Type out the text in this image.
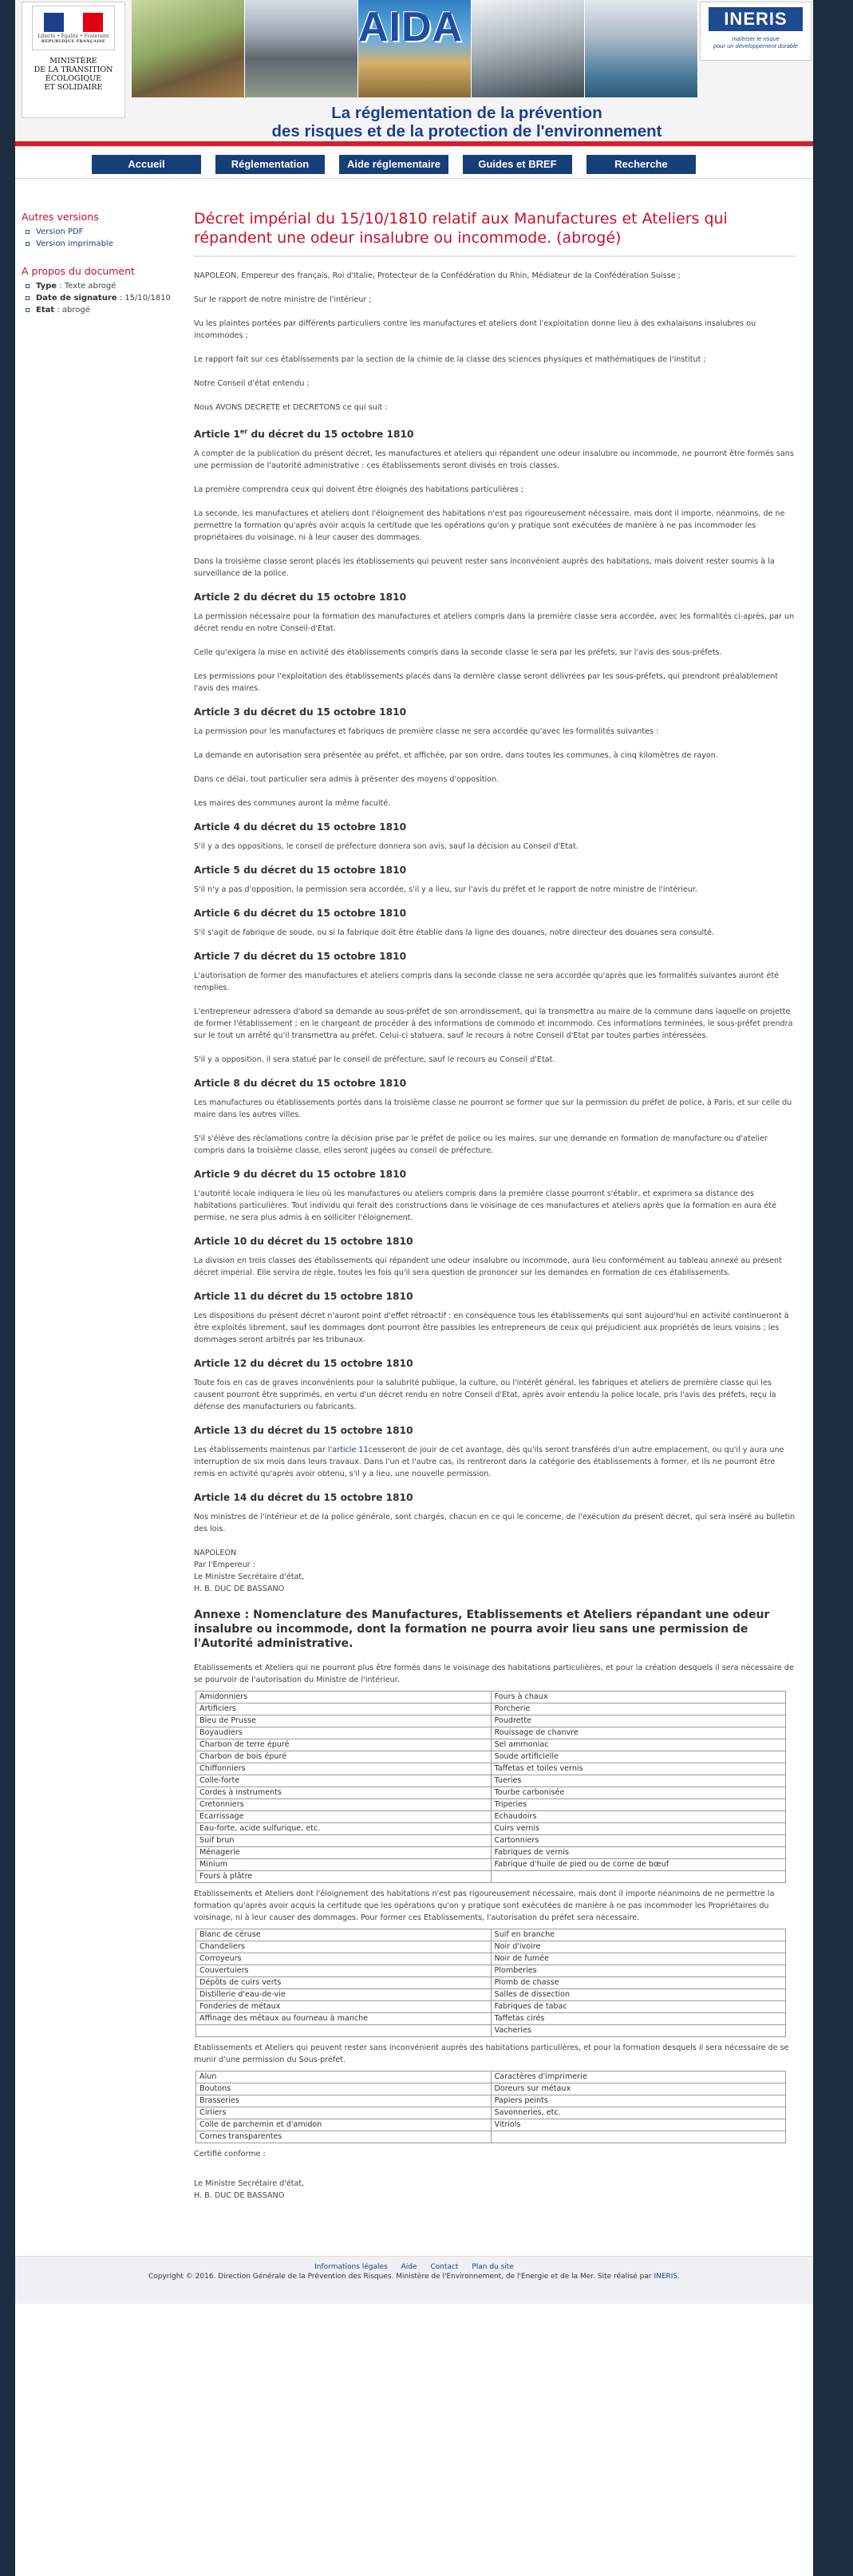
Liberté • Égalité • Fraternité
RÉPUBLIQUE FRANÇAISE
MINISTÈRE
DE LA TRANSITION
ÉCOLOGIQUE
ET SOLIDAIRE
AIDA	INERIS
maîtriser le risque
pour un développement durable
La réglementation de la prévention
des risques et de la protection de l'environnement
Accueil	Réglementation	Aide réglementaire	Guides et BREF	Recherche
Autres versions
Version PDF
Version imprimable
A propos du document
Type : Texte abrogé
Date de signature : 15/10/1810
Etat : abrogé
Décret impérial du 15/10/1810 relatif aux Manufactures et Ateliers qui répandent une odeur insalubre ou incommode. (abrogé)

NAPOLEON, Empereur des français, Roi d'Italie, Protecteur de la Confédération du Rhin, Médiateur de la Confédération Suisse ;

Sur le rapport de notre ministre de l'intérieur ;

Vu les plaintes portées par différents particuliers contre les manufactures et ateliers dont l'exploitation donne lieu à des exhalaisons insalubres ou incommodes ;

Le rapport fait sur ces établissements par la section de la chimie de la classe des sciences physiques et mathématiques de l'institut ;

Notre Conseil d'état entendu ;

Nous AVONS DECRETE et DECRETONS ce qui suit :

Article 1er du décret du 15 octobre 1810

A compter de la publication du présent décret, les manufactures et ateliers qui répandent une odeur insalubre ou incommode, ne pourront être formés sans une permission de l'autorité administrative : ces établissements seront divisés en trois classes.

La première comprendra ceux qui doivent être éloignés des habitations particulières ;

La seconde, les manufactures et ateliers dont l'éloignement des habitations n'est pas rigoureusement nécessaire, mais dont il importe, néanmoins, de ne permettre la formation qu'après avoir acquis la certitude que les opérations qu'on y pratique sont exécutées de manière à ne pas incommoder les propriétaires du voisinage, ni à leur causer des dommages.

Dans la troisième classe seront placés les établissements qui peuvent rester sans inconvénient auprès des habitations, mais doivent rester soumis à la surveillance de la police.

Article 2 du décret du 15 octobre 1810

La permission nécessaire pour la formation des manufactures et ateliers compris dans la première classe sera accordée, avec les formalités ci-après, par un décret rendu en notre Conseil-d'Etat.

Celle qu'exigera la mise en activité des établissements compris dans la seconde classe le sera par les préfets, sur l'avis des sous-préfets.

Les permissions pour l'exploitation des établissements placés dans la dernière classe seront délivrées par les sous-préfets, qui prendront préalablement l'avis des maires.

Article 3 du décret du 15 octobre 1810

La permission pour les manufactures et fabriques de première classe ne sera accordée qu'avec les formalités suivantes :

La demande en autorisation sera présentée au préfet, et affichée, par son ordre, dans toutes les communes, à cinq kilomètres de rayon.

Dans ce délai, tout particulier sera admis à présenter des moyens d'opposition.

Les maires des communes auront la même faculté.

Article 4 du décret du 15 octobre 1810

S'il y a des oppositions, le conseil de préfecture donnera son avis, sauf la décision au Conseil d'Etat.

Article 5 du décret du 15 octobre 1810

S'il n'y a pas d'opposition, la permission sera accordée, s'il y a lieu, sur l'avis du préfet et le rapport de notre ministre de l'intérieur.

Article 6 du décret du 15 octobre 1810

S'il s'agit de fabrique de soude, ou si la fabrique doit être établie dans la ligne des douanes, notre directeur des douanes sera consulté.

Article 7 du décret du 15 octobre 1810

L'autorisation de former des manufactures et ateliers compris dans la seconde classe ne sera accordée qu'après que les formalités suivantes auront été remplies.

L'entrepreneur adressera d'abord sa demande au sous-préfet de son arrondissement, qui la transmettra au maire de la commune dans laquelle on projette de former l'établissement ; en le chargeant de procéder à des informations de commodo et incommodo. Ces informations terminées, le sous-préfet prendra sur le tout un arrêté qu'il transmettra au préfet. Celui-ci statuera, sauf le recours à notre Conseil d'Etat par toutes parties intéressées.

S'il y a opposition, il sera statué par le conseil de préfecture, sauf le recours au Conseil d'Etat.

Article 8 du décret du 15 octobre 1810

Les manufactures ou établissements portés dans la troisième classe ne pourront se former que sur la permission du préfet de police, à Paris, et sur celle du maire dans les autres villes.

S'il s'élève des réclamations contre la décision prise par le préfet de police ou les maires, sur une demande en formation de manufacture ou d'atelier compris dans la troisième classe, elles seront jugées au conseil de préfecture.

Article 9 du décret du 15 octobre 1810

L'autorité locale indiquera le lieu où les manufactures ou ateliers compris dans la première classe pourront s'établir, et exprimera sa distance des habitations particulières. Tout individu qui ferait des constructions dans le voisinage de ces manufactures et ateliers après que la formation en aura été permise, ne sera plus admis à en solliciter l'éloignement.

Article 10 du décret du 15 octobre 1810

La division en trois classes des établissements qui répandent une odeur insalubre ou incommode, aura lieu conformément au tableau annexé au présent décret impérial. Elle servira de règle, toutes les fois qu'il sera question de prononcer sur les demandes en formation de ces établissements.

Article 11 du décret du 15 octobre 1810

Les dispositions du présent décret n'auront point d'effet rétroactif : en conséquence tous les établissements qui sont aujourd'hui en activité continueront à être exploités librement, sauf les dommages dont pourront être passibles les entrepreneurs de ceux qui préjudicient aux propriétés de leurs voisins ; les dommages seront arbitrés par les tribunaux.

Article 12 du décret du 15 octobre 1810

Toute fois en cas de graves inconvénients pour la salubrité publique, la culture, ou l'intérêt général, les fabriques et ateliers de première classe qui les causent pourront être supprimés, en vertu d'un décret rendu en notre Conseil d'Etat, après avoir entendu la police locale, pris l'avis des préfets, reçu la défense des manufacturiers ou fabricants.

Article 13 du décret du 15 octobre 1810

Les établissements maintenus par l'article 11cesseront de jouir de cet avantage, dès qu'ils seront transférés d'un autre emplacement, ou qu'il y aura une interruption de six mois dans leurs travaux. Dans l'un et l'autre cas, ils rentreront dans la catégorie des établissements à former, et ils ne pourront être remis en activité qu'après avoir obtenu, s'il y a lieu, une nouvelle permission.

Article 14 du décret du 15 octobre 1810

Nos ministres de l'intérieur et de la police générale, sont chargés, chacun en ce qui le concerne, de l'exécution du présent décret, qui sera inséré au bulletin des lois.

NAPOLEON
Par l'Empereur :
Le Ministre Secrétaire d'état,
H. B. DUC DE BASSANO

Annexe : Nomenclature des Manufactures, Etablissements et Ateliers répandant une odeur insalubre ou incommode, dont la formation ne pourra avoir lieu sans une permission de l'Autorité administrative.

Etablissements et Ateliers qui ne pourront plus être formés dans le voisinage des habitations particulières, et pour la création desquels il sera nécessaire de se pourvoir de l'autorisation du Ministre de l'intérieur.

Amidonniers	Fours à chaux
Artificiers	Porcherie
Bleu de Prusse	Poudrette
Boyaudiers	Rouissage de chanvre
Charbon de terre épuré	Sel ammoniac
Charbon de bois épuré	Soude artificielle
Chiffonniers	Taffetas et toiles vernis
Colle-forte	Tueries
Cordes à instruments	Tourbe carbonisée
Cretonniers	Triperies
Ecarrissage	Echaudoirs
Eau-forte, acide sulfurique, etc.	Cuirs vernis
Suif brun	Cartonniers
Ménagerie	Fabriques de vernis
Minium	Fabrique d'huile de pied ou de corne de bœuf
Fours à plâtre	

Etablissements et Ateliers dont l'éloignement des habitations n'est pas rigoureusement nécessaire, mais dont il importe néanmoins de ne permettre la formation qu'après avoir acquis la certitude que les opérations qu'on y pratique sont exécutées de manière à ne pas incommoder les Propriétaires du voisinage, ni à leur causer des dommages. Pour former ces Etablissements, l'autorisation du préfet sera nécessaire.

Blanc de céruse	Suif en branche
Chandeliers	Noir d'ivoire
Corroyeurs	Noir de fumée
Couvertuiers	Plomberies
Dépôts de cuirs verts	Plomb de chasse
Distillerie d'eau-de-vie	Salles de dissection
Fonderies de métaux	Fabriques de tabac
Affinage des métaux au fourneau à manche	Taffetas cirés
	Vacheries

Etablissements et Ateliers qui peuvent rester sans inconvénient auprès des habitations particulières, et pour la formation desquels il sera nécessaire de se munir d'une permission du Sous-préfet.

Alun	Caractères d'imprimerie
Boutons	Doreurs sur métaux
Brasseries	Papiers peints
Cirliers	Savonneries, etc.
Colle de parchemin et d'amidon	Vitriols
Cornes transparentes	

Certifié conforme :

Le Ministre Secrétaire d'état,
H. B. DUC DE BASSANO

Informations légales Aide Contact Plan du site
Copyright © 2016. Direction Générale de la Prévention des Risques. Ministère de l'Environnement, de l'Energie et de la Mer. Site réalisé par INERIS.
